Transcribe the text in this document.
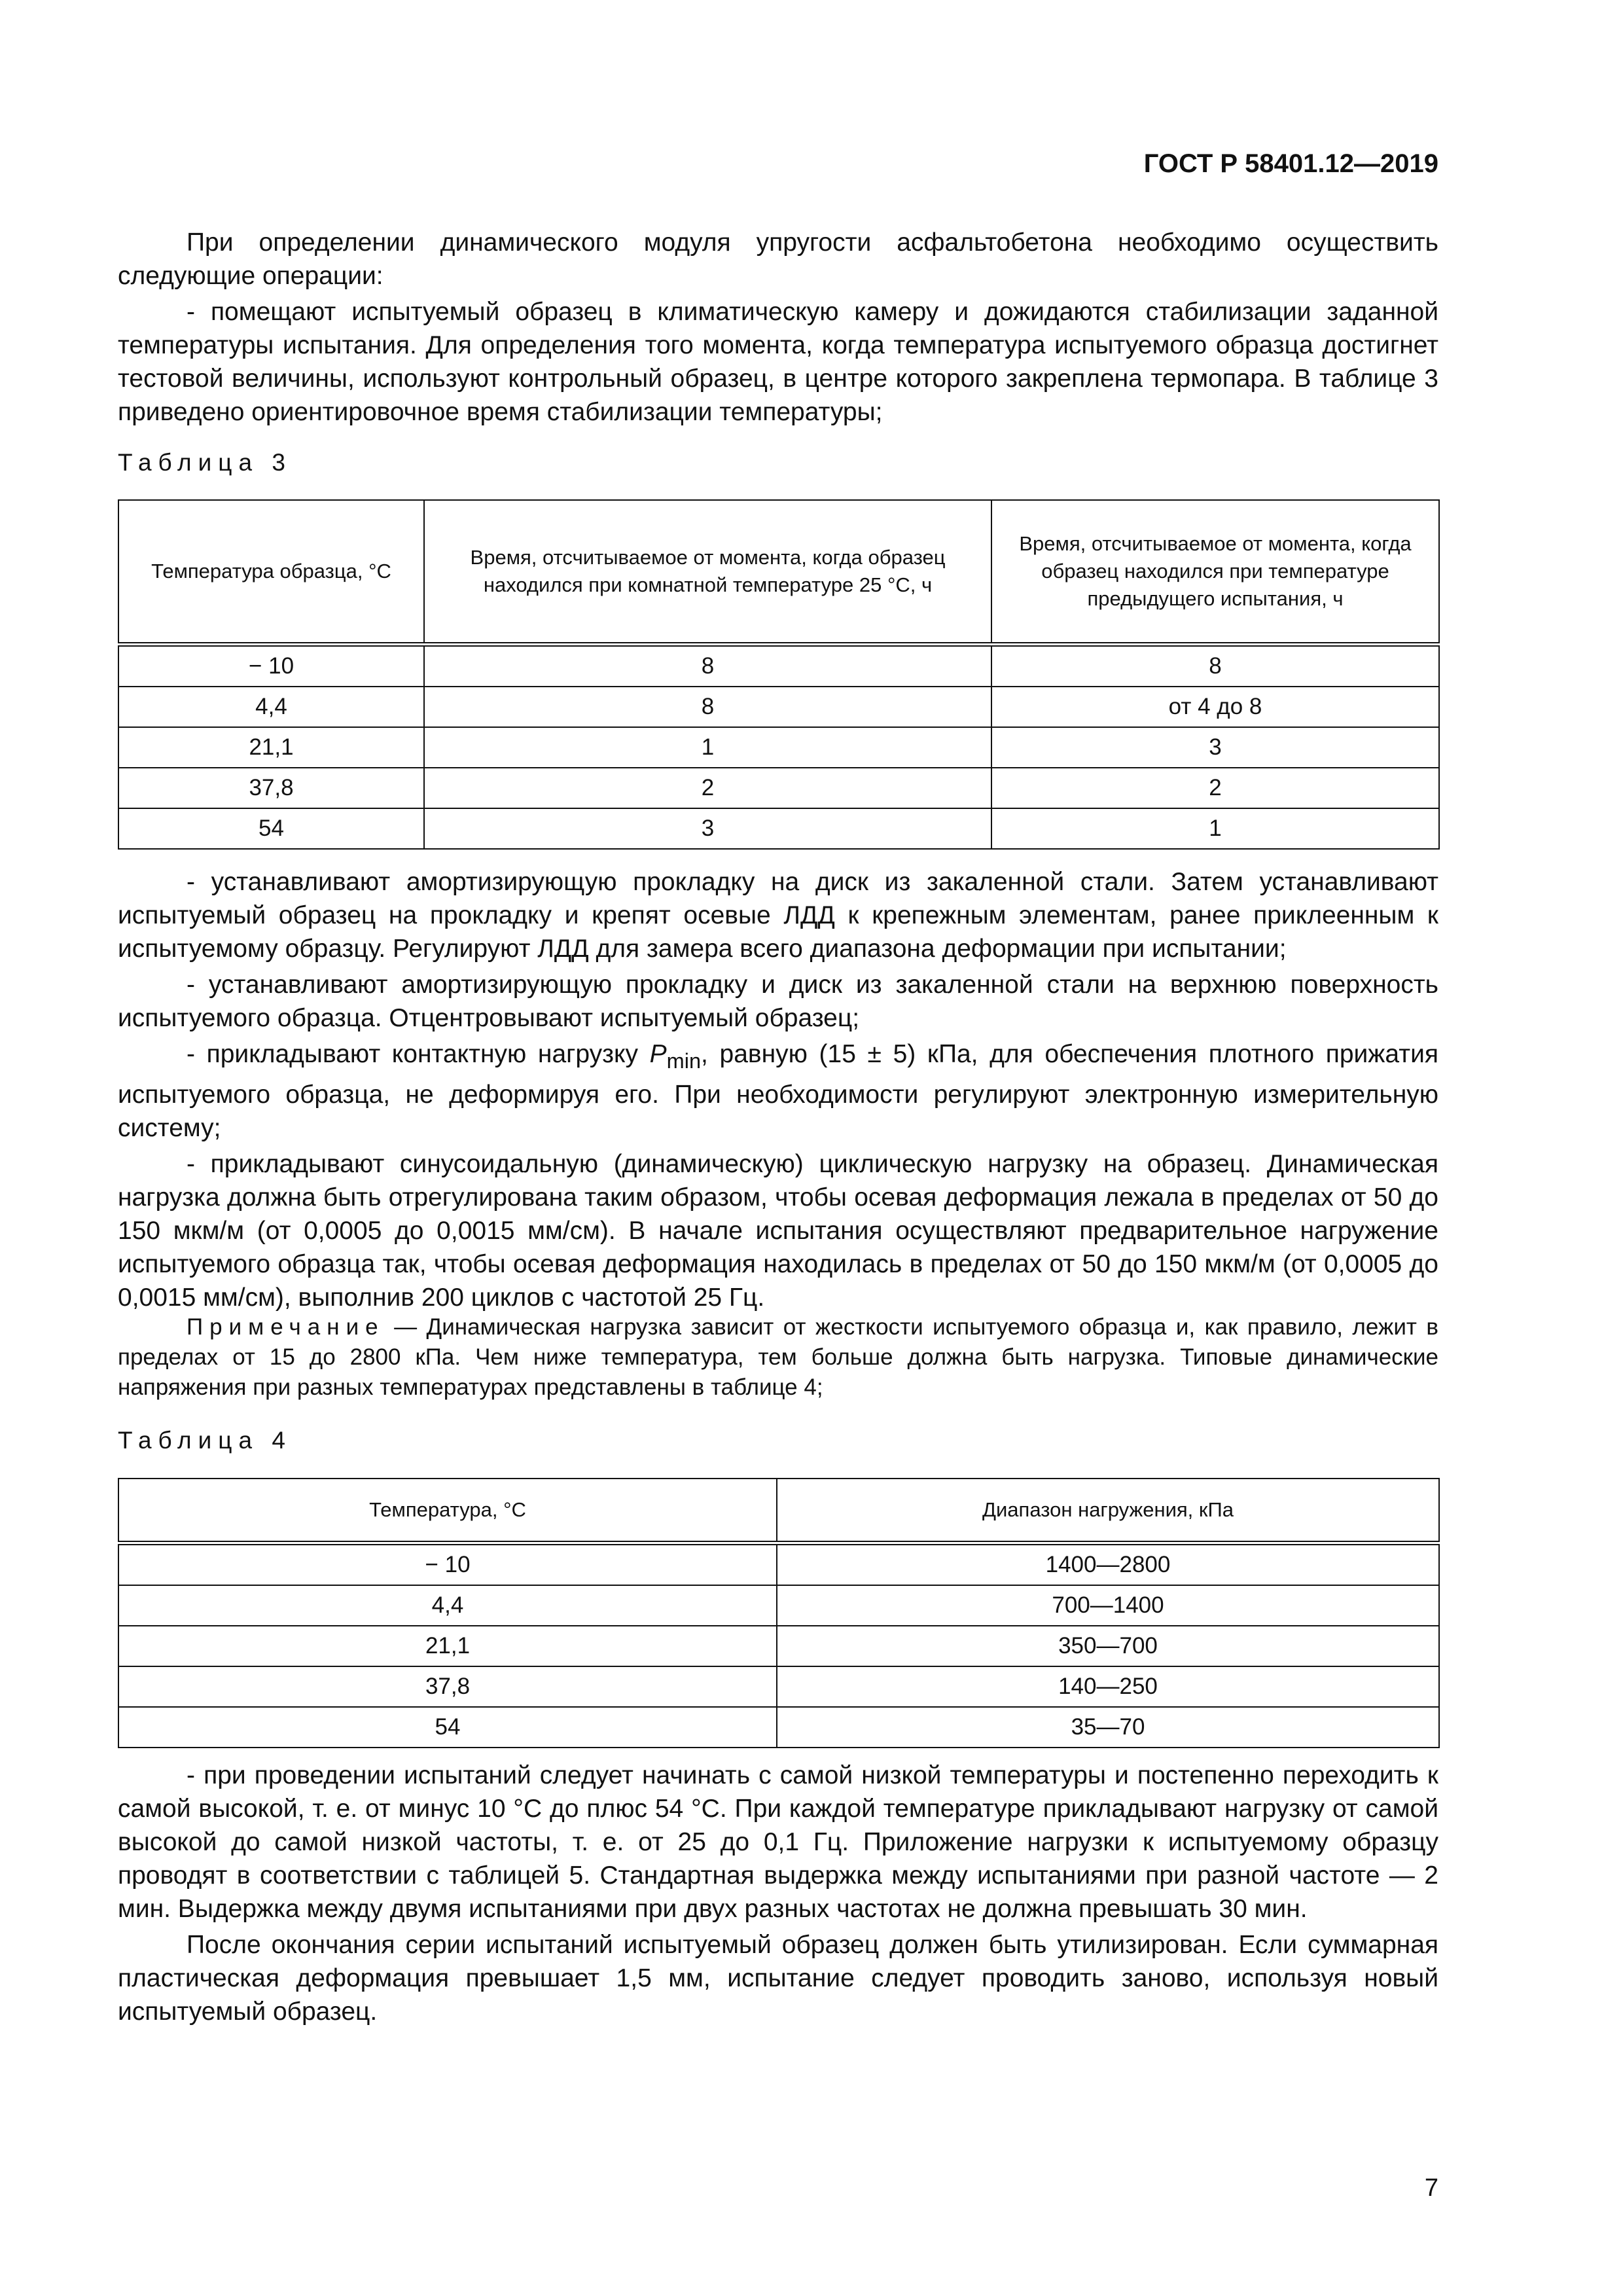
ГОСТ Р 58401.12—2019

При определении динамического модуля упругости асфальтобетона необходимо осуществить следующие операции:

- помещают испытуемый образец в климатическую камеру и дожидаются стабилизации заданной температуры испытания. Для определения того момента, когда температура испытуемого образца достигнет тестовой величины, используют контрольный образец, в центре которого закреплена термопара. В таблице 3 приведено ориентировочное время стабилизации температуры;

Таблица 3
Температура образца, °С	Время, отсчитываемое от момента, когда образец находился при комнатной температуре 25 °С, ч	Время, отсчитываемое от момента, когда образец находился при температуре предыдущего испытания, ч
− 10	8	8
4,4	8	от 4 до 8
21,1	1	3
37,8	2	2
54	3	1

- устанавливают амортизирующую прокладку на диск из закаленной стали. Затем устанавливают испытуемый образец на прокладку и крепят осевые ЛДД к крепежным элементам, ранее приклеенным к испытуемому образцу. Регулируют ЛДД для замера всего диапазона деформации при испытании;

- устанавливают амортизирующую прокладку и диск из закаленной стали на верхнюю поверхность испытуемого образца. Отцентровывают испытуемый образец;

- прикладывают контактную нагрузку $P_{min}$, равную (15 ± 5) кПа, для обеспечения плотного прижатия испытуемого образца, не деформируя его. При необходимости регулируют электронную измерительную систему;

- прикладывают синусоидальную (динамическую) циклическую нагрузку на образец. Динамическая нагрузка должна быть отрегулирована таким образом, чтобы осевая деформация лежала в пределах от 50 до 150 мкм/м (от 0,0005 до 0,0015 мм/см). В начале испытания осуществляют предварительное нагружение испытуемого образца так, чтобы осевая деформация находилась в пределах от 50 до 150 мкм/м (от 0,0005 до 0,0015 мм/см), выполнив 200 циклов с частотой 25 Гц.

Примечание — Динамическая нагрузка зависит от жесткости испытуемого образца и, как правило, лежит в пределах от 15 до 2800 кПа. Чем ниже температура, тем больше должна быть нагрузка. Типовые динамические напряжения при разных температурах представлены в таблице 4;

Таблица 4
Температура, °С	Диапазон нагружения, кПа
− 10	1400—2800
4,4	700—1400
21,1	350—700
37,8	140—250
54	35—70

- при проведении испытаний следует начинать с самой низкой температуры и постепенно переходить к самой высокой, т. е. от минус 10 °С до плюс 54 °С. При каждой температуре прикладывают нагрузку от самой высокой до самой низкой частоты, т. е. от 25 до 0,1 Гц. Приложение нагрузки к испытуемому образцу проводят в соответствии с таблицей 5. Стандартная выдержка между испытаниями при разной частоте — 2 мин. Выдержка между двумя испытаниями при двух разных частотах не должна превышать 30 мин.

После окончания серии испытаний испытуемый образец должен быть утилизирован. Если суммарная пластическая деформация превышает 1,5 мм, испытание следует проводить заново, используя новый испытуемый образец.

7
